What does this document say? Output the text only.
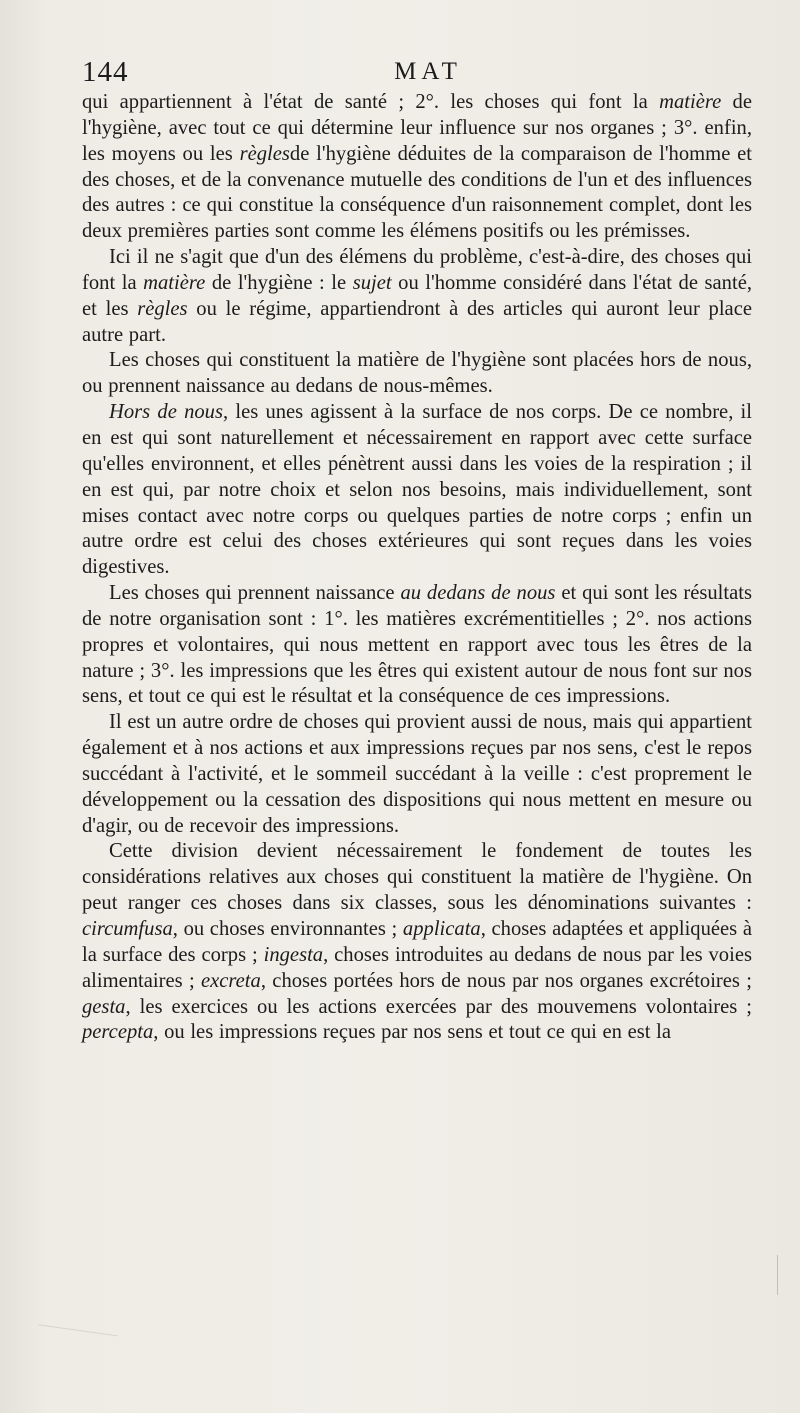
144	MAT

qui appartiennent à l'état de santé ; 2°. les choses qui font la matière de l'hygiène, avec tout ce qui détermine leur influence sur nos organes ; 3°. enfin, les moyens ou les règlesde l'hygiène déduites de la comparaison de l'homme et des choses, et de la convenance mutuelle des conditions de l'un et des influences des autres : ce qui constitue la conséquence d'un raisonnement complet, dont les deux premières parties sont comme les élémens positifs ou les prémisses.

Ici il ne s'agit que d'un des élémens du problème, c'est-à-dire, des choses qui font la matière de l'hygiène : le sujet ou l'homme considéré dans l'état de santé, et les règles ou le régime, appartiendront à des articles qui auront leur place autre part.

Les choses qui constituent la matière de l'hygiène sont placées hors de nous, ou prennent naissance au dedans de nous-mêmes.

Hors de nous, les unes agissent à la surface de nos corps. De ce nombre, il en est qui sont naturellement et nécessairement en rapport avec cette surface qu'elles environnent, et elles pénètrent aussi dans les voies de la respiration ; il en est qui, par notre choix et selon nos besoins, mais individuellement, sont mises contact avec notre corps ou quelques parties de notre corps ; enfin un autre ordre est celui des choses extérieures qui sont reçues dans les voies digestives.

Les choses qui prennent naissance au dedans de nous et qui sont les résultats de notre organisation sont : 1°. les matières excrémentitielles ; 2°. nos actions propres et volontaires, qui nous mettent en rapport avec tous les êtres de la nature ; 3°. les impressions que les êtres qui existent autour de nous font sur nos sens, et tout ce qui est le résultat et la conséquence de ces impressions.

Il est un autre ordre de choses qui provient aussi de nous, mais qui appartient également et à nos actions et aux impressions reçues par nos sens, c'est le repos succédant à l'activité, et le sommeil succédant à la veille : c'est proprement le développement ou la cessation des dispositions qui nous mettent en mesure ou d'agir, ou de recevoir des impressions.

Cette division devient nécessairement le fondement de toutes les considérations relatives aux choses qui constituent la matière de l'hygiène. On peut ranger ces choses dans six classes, sous les dénominations suivantes : circumfusa, ou choses environnantes ; applicata, choses adaptées et appliquées à la surface des corps ; ingesta, choses introduites au dedans de nous par les voies alimentaires ; excreta, choses portées hors de nous par nos organes excrétoires ; gesta, les exercices ou les actions exercées par des mouvemens volontaires ; percepta, ou les impressions reçues par nos sens et tout ce qui en est la
